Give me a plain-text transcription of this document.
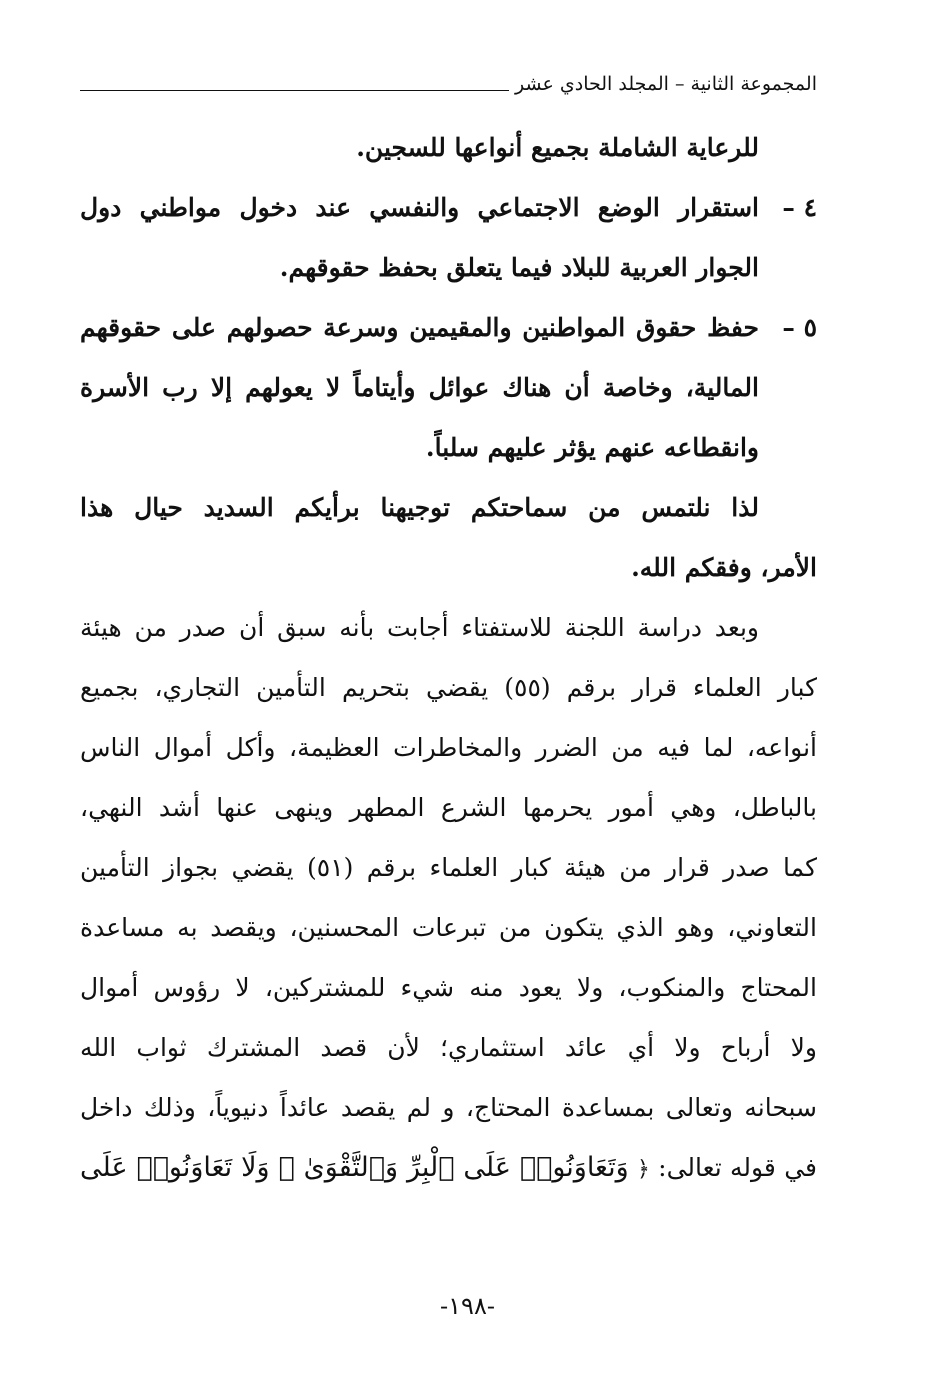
المجموعة الثانية – المجلد الحادي عشر
للرعاية الشاملة بجميع أنواعها للسجين.
٤ –
استقرار الوضع الاجتماعي والنفسي عند دخول مواطني دول
الجوار العربية للبلاد فيما يتعلق بحفظ حقوقهم.
٥ –
حفظ حقوق المواطنين والمقيمين وسرعة حصولهم على حقوقهم
المالية، وخاصة أن هناك عوائل وأيتاماً لا يعولهم إلا رب الأسرة
وانقطاعه عنهم يؤثر عليهم سلباً.
لذا نلتمس من سماحتكم توجيهنا برأيكم السديد حيال هذا
الأمر، وفقكم الله.
وبعد دراسة اللجنة للاستفتاء أجابت بأنه سبق أن صدر من هيئة
كبار العلماء قرار برقم (٥٥) يقضي بتحريم التأمين التجاري، بجميع
أنواعه، لما فيه من الضرر والمخاطرات العظيمة، وأكل أموال الناس
بالباطل، وهي أمور يحرمها الشرع المطهر وينهى عنها أشد النهي،
كما صدر قرار من هيئة كبار العلماء برقم (٥١) يقضي بجواز التأمين
التعاوني، وهو الذي يتكون من تبرعات المحسنين، ويقصد به مساعدة
المحتاج والمنكوب، ولا يعود منه شيء للمشتركين، لا رؤوس أموال
ولا أرباح ولا أي عائد استثماري؛ لأن قصد المشترك ثواب الله
سبحانه وتعالى بمساعدة المحتاج، و لم يقصد عائداً دنيوياً، وذلك داخل
في قوله تعالى: ﴿ وَتَعَاوَنُوا۟ عَلَى ٱلْبِرِّ وَٱلتَّقْوَىٰ ۖ وَلَا تَعَاوَنُوا۟ عَلَى
-١٩٨-
